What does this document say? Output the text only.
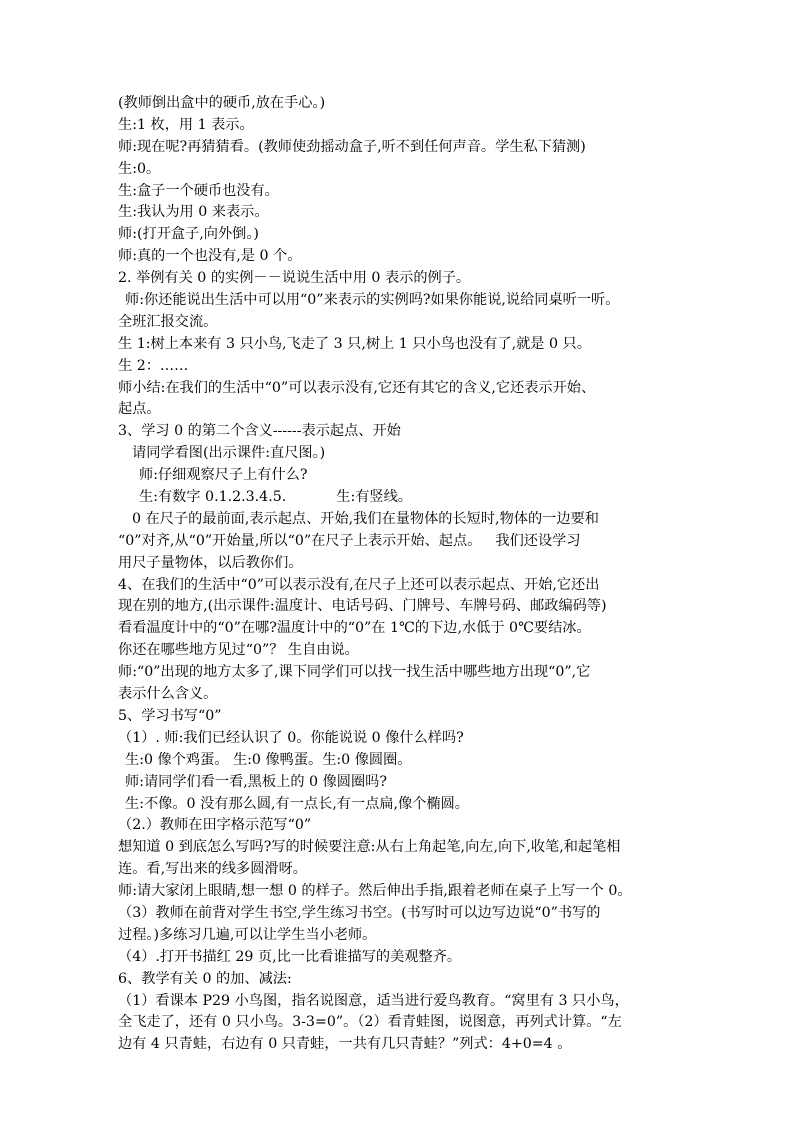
(教师倒出盒中的硬币,放在手心。)
生:1 枚，用 1 表示。
师:现在呢?再猜猜看。(教师使劲摇动盒子,听不到任何声音。学生私下猜测)
生:0。
生:盒子一个硬币也没有。
生:我认为用 0 来表示。
师:(打开盒子,向外倒。)
师:真的一个也没有,是 0 个。
2. 举例有关 0 的实例－－说说生活中用 0 表示的例子。
师:你还能说出生活中可以用“0”来表示的实例吗?如果你能说,说给同桌听一听。
全班汇报交流。
生 1:树上本来有 3 只小鸟,飞走了 3 只,树上 1 只小鸟也没有了,就是 0 只。
生 2：……
师小结:在我们的生活中“0”可以表示没有,它还有其它的含义,它还表示开始、
起点。
3、学习 0 的第二个含义------表示起点、开始
请同学看图(出示课件:直尺图。)
师:仔细观察尺子上有什么?
生:有数字 0.1.2.3.4.5.	生:有竖线。
0 在尺子的最前面,表示起点、开始,我们在量物体的长短时,物体的一边要和
“0”对齐,从“0”开始量,所以“0”在尺子上表示开始、起点。 我们还设学习
用尺子量物体，以后教你们。
4、在我们的生活中“0”可以表示没有,在尺子上还可以表示起点、开始,它还出
现在别的地方,(出示课件:温度计、电话号码、门牌号、车牌号码、邮政编码等)
看看温度计中的“0”在哪?温度计中的“0”在 1℃的下边,水低于 0℃要结冰。
你还在哪些地方见过“0”？ 生自由说。
师:“0”出现的地方太多了,课下同学们可以找一找生活中哪些地方出现“0”,它
表示什么含义。
5、学习书写“0”
（1）. 师:我们已经认识了 0。你能说说 0 像什么样吗?
生:0 像个鸡蛋。 生:0 像鸭蛋。生:0 像圆圈。
师:请同学们看一看,黑板上的 0 像圆圈吗?
生:不像。0 没有那么圆,有一点长,有一点扁,像个椭圆。
（2.）教师在田字格示范写“0”
想知道 0 到底怎么写吗?写的时候要注意:从右上角起笔,向左,向下,收笔,和起笔相
连。看,写出来的线多圆滑呀。
师:请大家闭上眼睛,想一想 0 的样子。然后伸出手指,跟着老师在桌子上写一个 0。
（3）教师在前背对学生书空,学生练习书空。(书写时可以边写边说“0”书写的
过程。)多练习几遍,可以让学生当小老师。
（4）.打开书描红 29 页,比一比看谁描写的美观整齐。
6、教学有关 0 的加、减法:
（1）看课本 P29 小鸟图，指名说图意，适当进行爱鸟教育。“窝里有 3 只小鸟，
全飞走了，还有 0 只小鸟。3-3=0”。（2）看青蛙图，说图意，再列式计算。“左
边有 4 只青蛙，右边有 0 只青蛙，一共有几只青蛙？”列式：4+0=4 。
